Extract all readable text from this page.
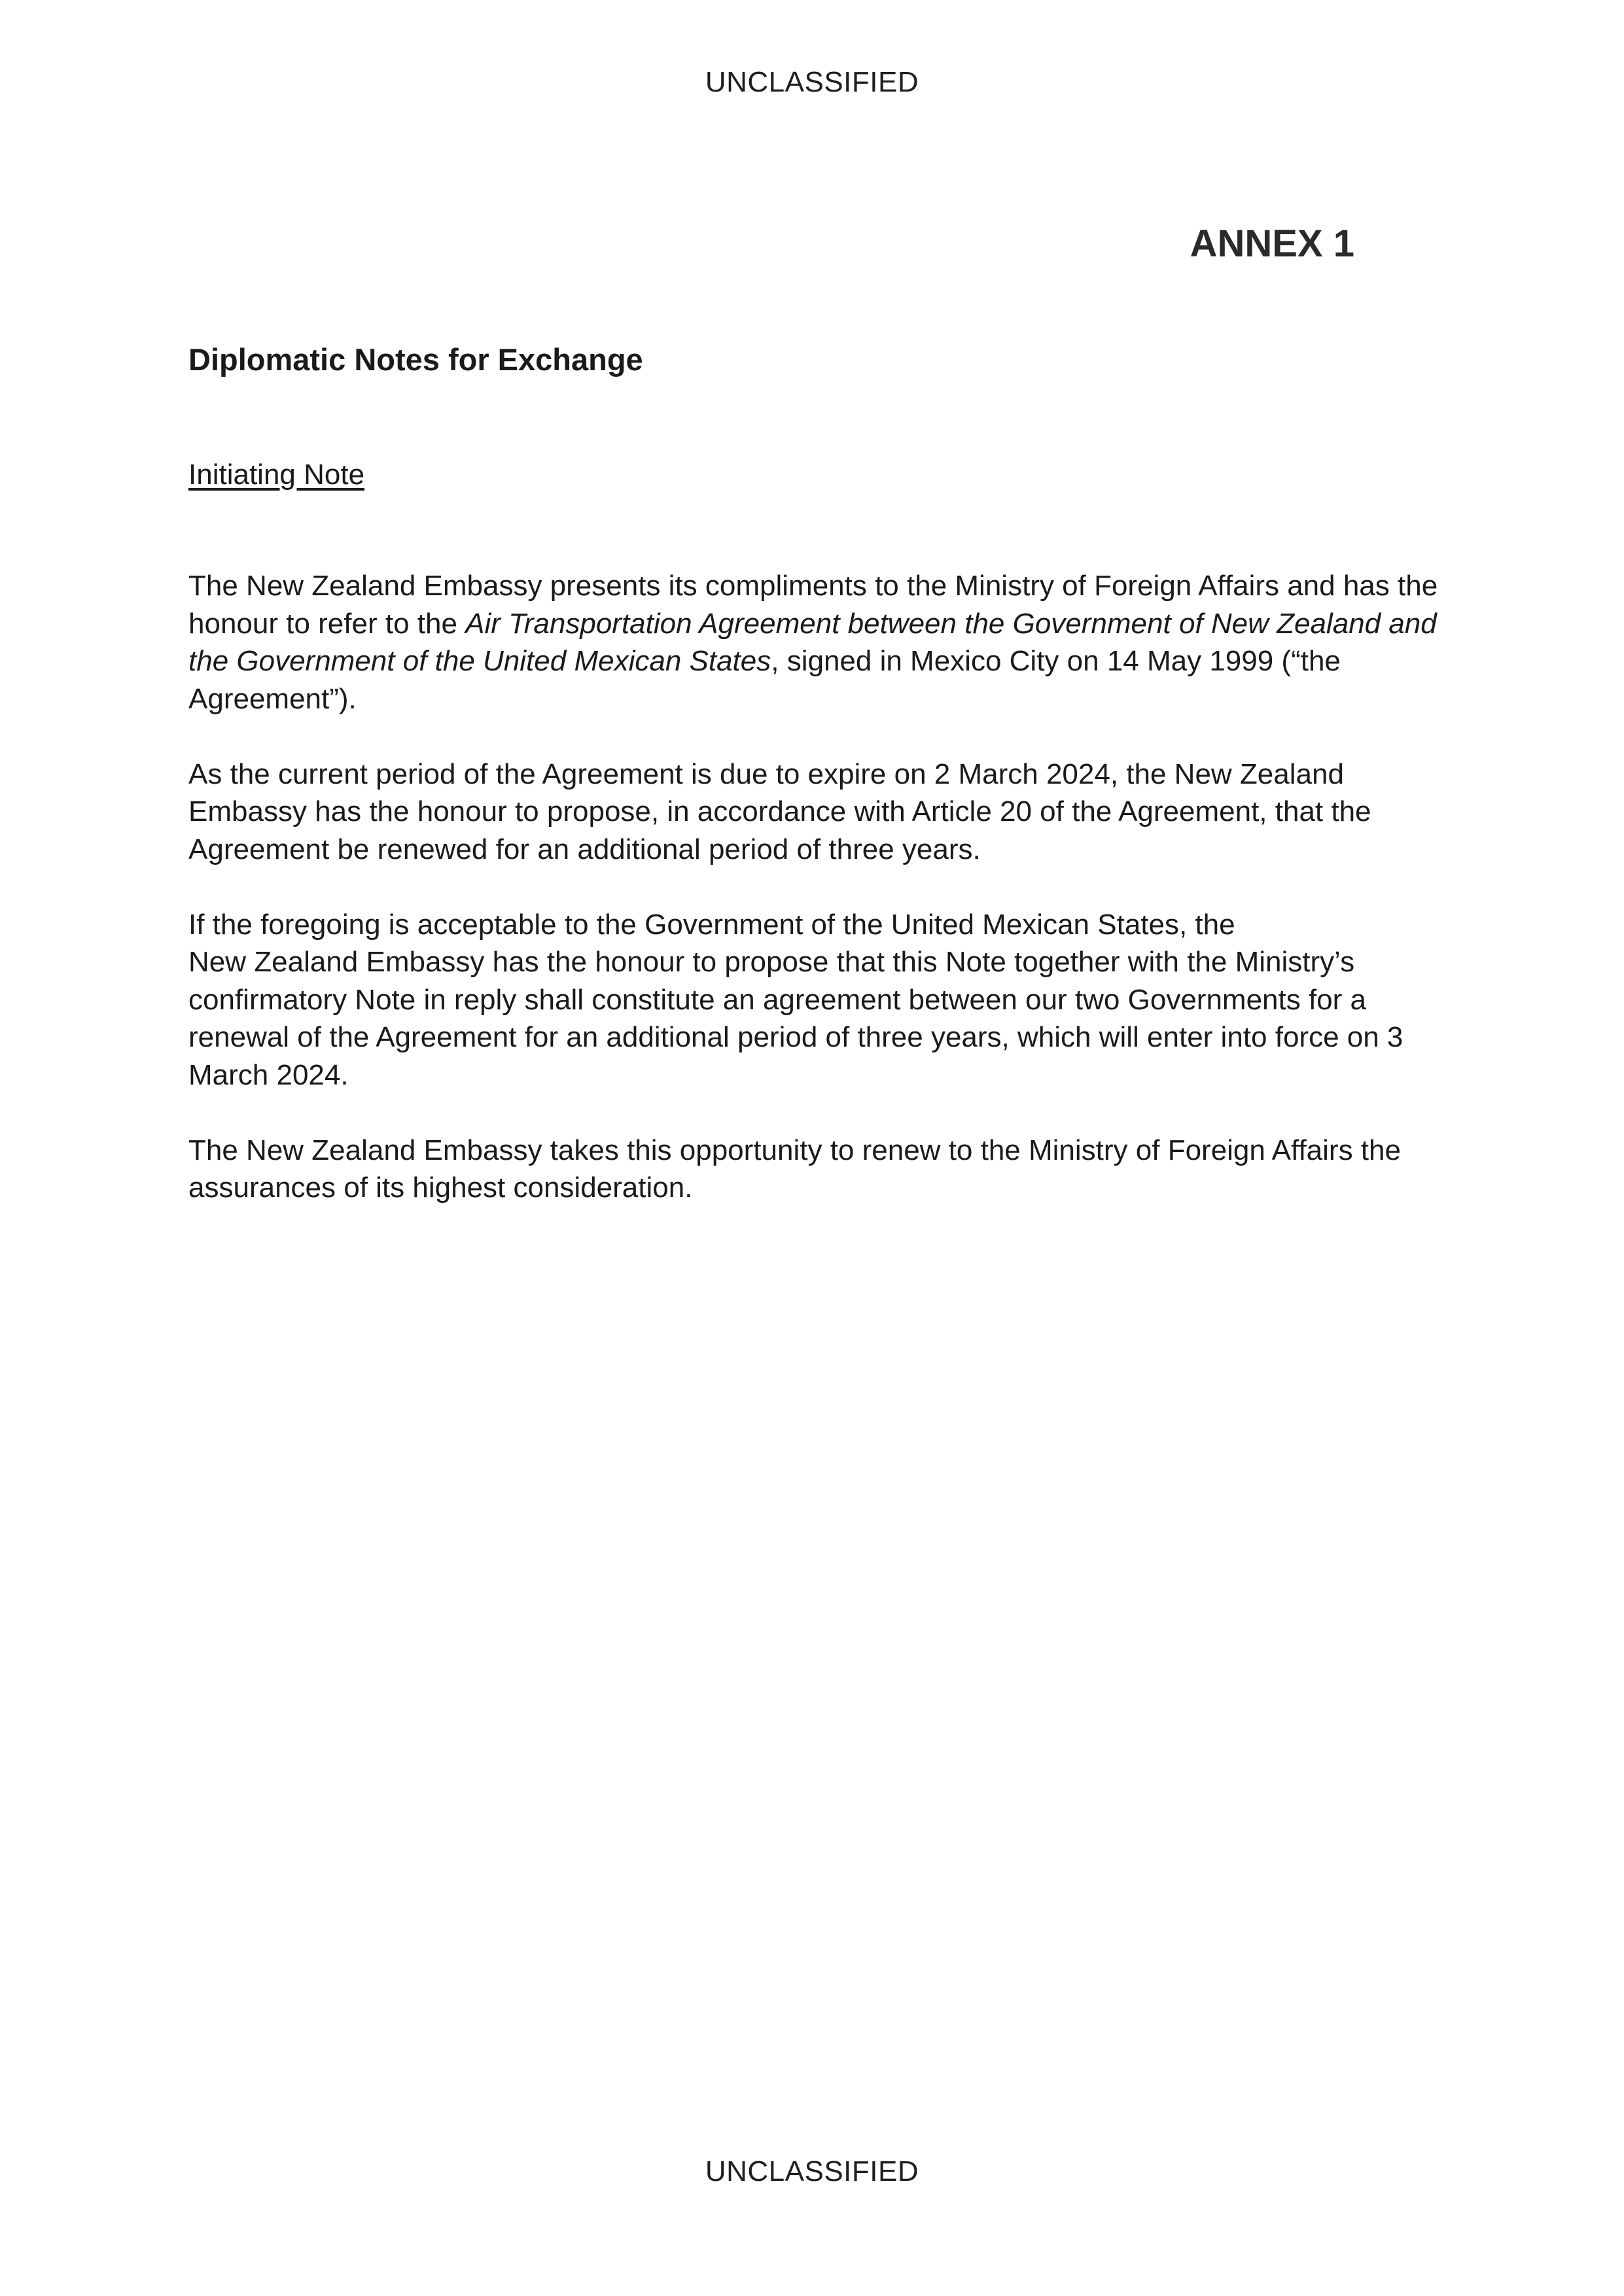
UNCLASSIFIED
ANNEX 1
Diplomatic Notes for Exchange

Initiating Note

The New Zealand Embassy presents its compliments to the Ministry of Foreign Affairs and has the honour to refer to the Air Transportation Agreement between the Government of New Zealand and the Government of the United Mexican States, signed in Mexico City on 14 May 1999 (“the Agreement”).

As the current period of the Agreement is due to expire on 2 March 2024, the New Zealand Embassy has the honour to propose, in accordance with Article 20 of the Agreement, that the Agreement be renewed for an additional period of three years.

If the foregoing is acceptable to the Government of the United Mexican States, the
New Zealand Embassy has the honour to propose that this Note together with the Ministry’s confirmatory Note in reply shall constitute an agreement between our two Governments for a renewal of the Agreement for an additional period of three years, which will enter into force on 3 March 2024.

The New Zealand Embassy takes this opportunity to renew to the Ministry of Foreign Affairs the assurances of its highest consideration.

UNCLASSIFIED
